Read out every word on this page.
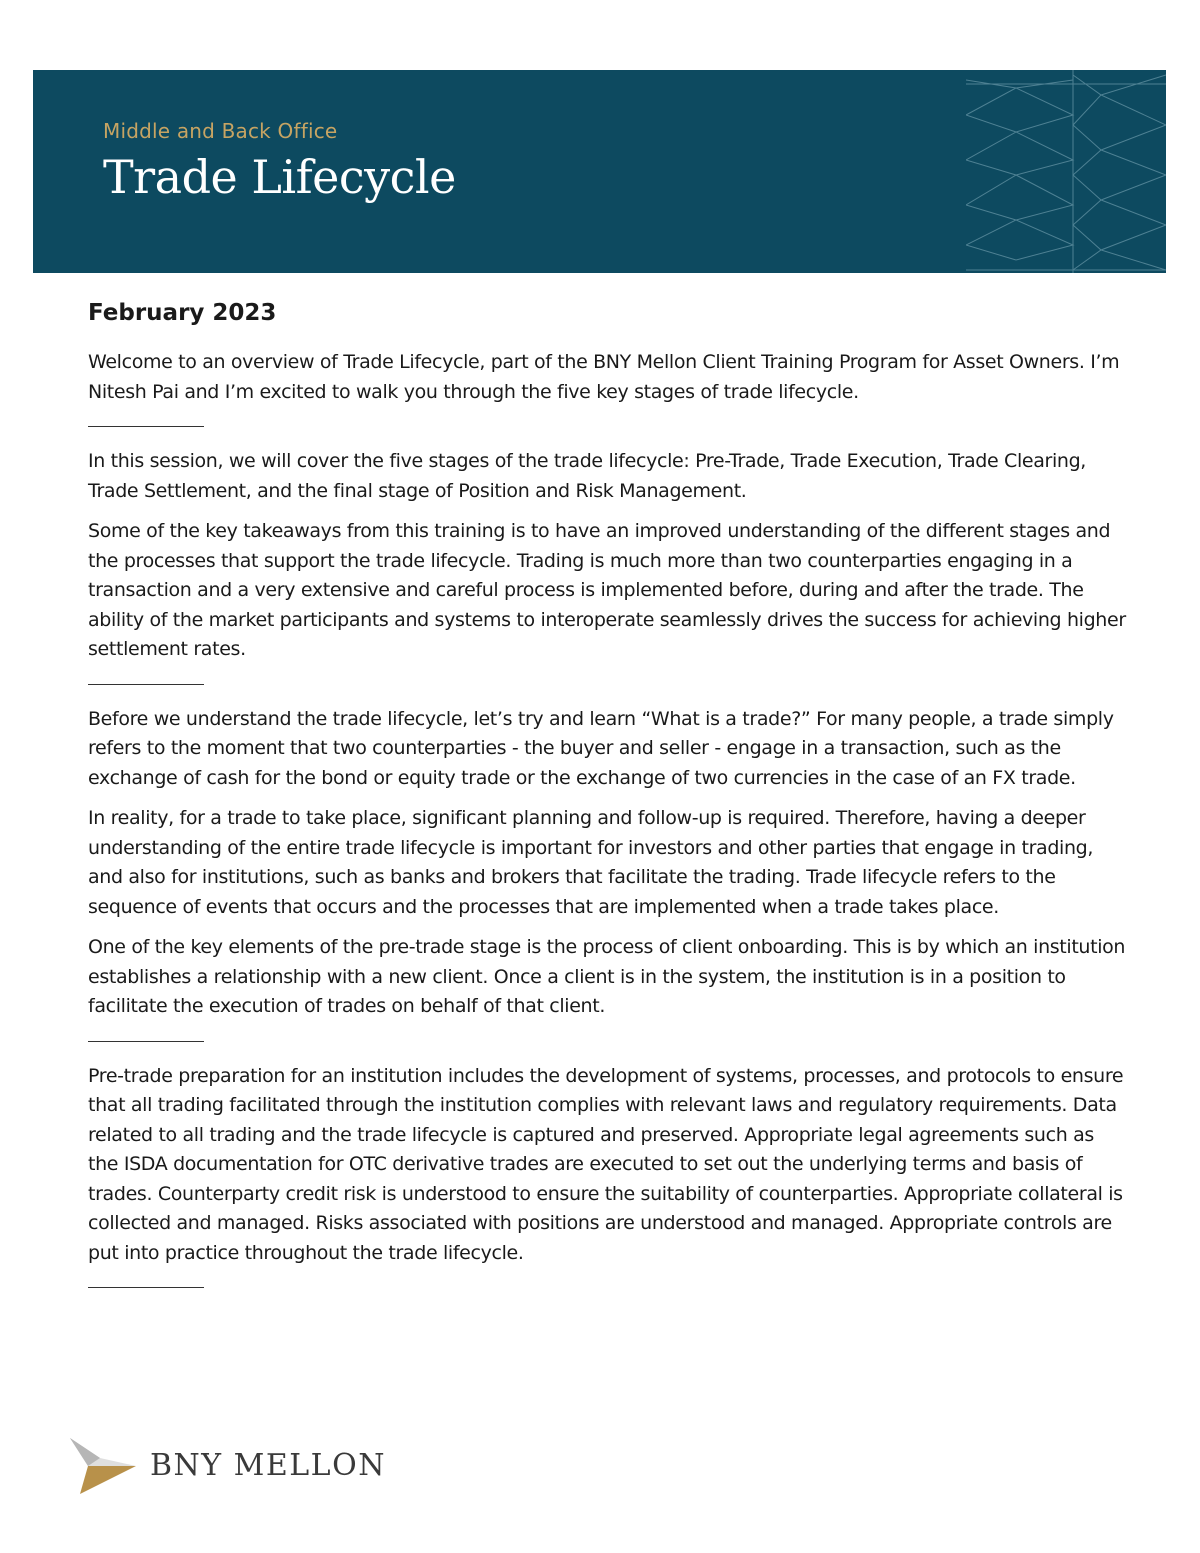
Middle and Back Office
Trade Lifecycle
February 2023

Welcome to an overview of Trade Lifecycle, part of the BNY Mellon Client Training Program for Asset Owners. I’m Nitesh Pai and I’m excited to walk you through the five key stages of trade lifecycle.

In this session, we will cover the five stages of the trade lifecycle: Pre-Trade, Trade Execution, Trade Clearing, Trade Settlement, and the final stage of Position and Risk Management.

Some of the key takeaways from this training is to have an improved understanding of the different stages and the processes that support the trade lifecycle. Trading is much more than two counterparties engaging in a transaction and a very extensive and careful process is implemented before, during and after the trade. The ability of the market participants and systems to interoperate seamlessly drives the success for achieving higher settlement rates.

Before we understand the trade lifecycle, let’s try and learn “What is a trade?” For many people, a trade simply refers to the moment that two counterparties - the buyer and seller - engage in a transaction, such as the exchange of cash for the bond or equity trade or the exchange of two currencies in the case of an FX trade.

In reality, for a trade to take place, significant planning and follow-up is required. Therefore, having a deeper understanding of the entire trade lifecycle is important for investors and other parties that engage in trading, and also for institutions, such as banks and brokers that facilitate the trading. Trade lifecycle refers to the sequence of events that occurs and the processes that are implemented when a trade takes place.

One of the key elements of the pre-trade stage is the process of client onboarding. This is by which an institution establishes a relationship with a new client. Once a client is in the system, the institution is in a position to facilitate the execution of trades on behalf of that client.

Pre-trade preparation for an institution includes the development of systems, processes, and protocols to ensure that all trading facilitated through the institution complies with relevant laws and regulatory requirements. Data related to all trading and the trade lifecycle is captured and preserved. Appropriate legal agreements such as the ISDA documentation for OTC derivative trades are executed to set out the underlying terms and basis of trades. Counterparty credit risk is understood to ensure the suitability of counterparties. Appropriate collateral is collected and managed. Risks associated with positions are understood and managed. Appropriate controls are put into practice throughout the trade lifecycle.

BNY MELLON
